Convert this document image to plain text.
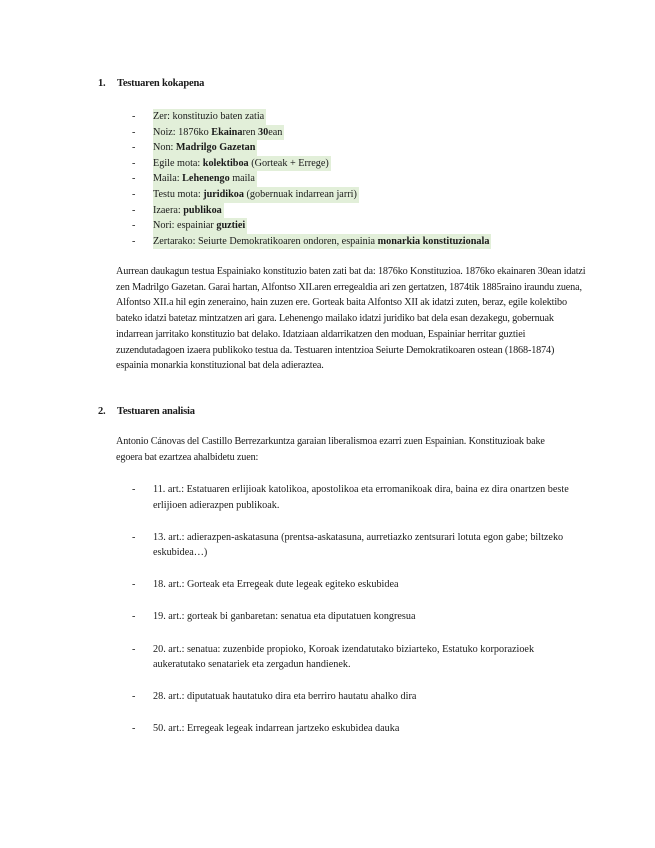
1. Testuaren kokapena
-	Zer: konstituzio baten zatia
-	Noiz: 1876ko Ekainaren 30ean
-	Non: Madrilgo Gazetan
-	Egile mota: kolektiboa (Gorteak + Errege)
-	Maila: Lehenengo maila
-	Testu mota: juridikoa (gobernuak indarrean jarri)
-	Izaera: publikoa
-	Nori: espainiar guztiei
-	Zertarako: Seiurte Demokratikoaren ondoren, espainia monarkia konstituzionala

Aurrean daukagun testua Espainiako konstituzio baten zati bat da: 1876ko Konstituzioa. 1876ko ekainaren 30ean idatzi zen Madrilgo Gazetan. Garai hartan, Alfontso XII.aren erregealdia ari zen gertatzen, 1874tik 1885raino iraundu zuena, Alfontso XII.a hil egin zeneraino, hain zuzen ere. Gorteak baita Alfontso XII ak idatzi zuten, beraz, egile kolektibo bateko idatzi batetaz mintzatzen ari gara. Lehenengo mailako idatzi juridiko bat dela esan dezakegu, gobernuak indarrean jarritako konstituzio bat delako. Idatziaan aldarrikatzen den moduan, Espainiar herritar guztiei zuzendutadagoen izaera publikoko testua da. Testuaren intentzioa Seiurte Demokratikoaren ostean (1868-1874) espainia monarkia konstituzional bat dela adieraztea.

2. Testuaren analisia

Antonio Cánovas del Castillo Berrezarkuntza garaian liberalismoa ezarri zuen Espainian. Konstituzioak bake egoera bat ezartzea ahalbidetu zuen:

-	11. art.: Estatuaren erlijioak katolikoa, apostolikoa eta erromanikoak dira, baina ez dira onartzen beste erlijioen adierazpen publikoak.
-	13. art.: adierazpen-askatasuna (prentsa-askatasuna, aurretiazko zentsurari lotuta egon gabe; biltzeko eskubidea…)
-	18. art.: Gorteak eta Erregeak dute legeak egiteko eskubidea
-	19. art.: gorteak bi ganbaretan: senatua eta diputatuen kongresua
-	20. art.: senatua: zuzenbide propioko, Koroak izendatutako biziarteko, Estatuko korporazioek aukeratutako senatariek eta zergadun handienek.
-	28. art.: diputatuak hautatuko dira eta berriro hautatu ahalko dira
-	50. art.: Erregeak legeak indarrean jartzeko eskubidea dauka
